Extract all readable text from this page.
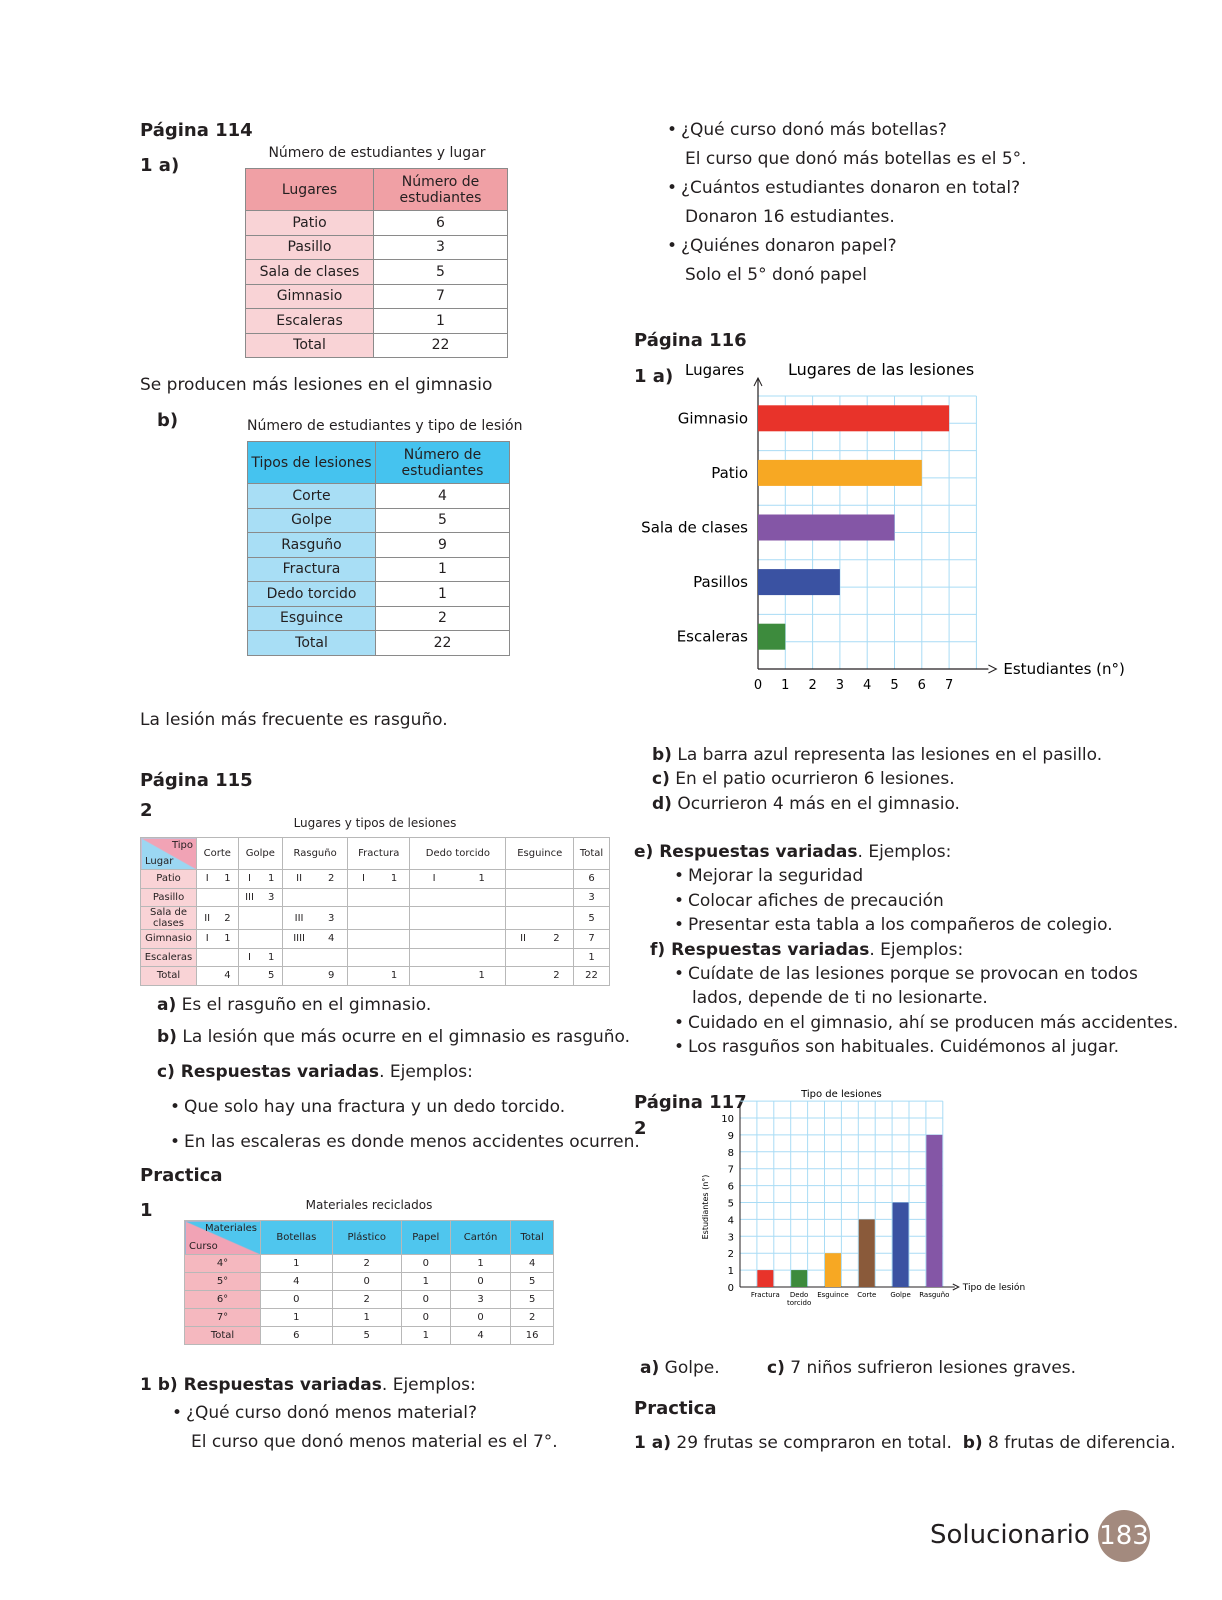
Página 114
1 a)
Número de estudiantes y lugar
Lugares	Número de estudiantes
Patio	6
Pasillo	3
Sala de clases	5
Gimnasio	7
Escaleras	1
Total	22
Se producen más lesiones en el gimnasio
b)	Número de estudiantes y tipo de lesión
Tipos de lesiones	Número de estudiantes
Corte	4
Golpe	5
Rasguño	9
Fractura	1
Dedo torcido	1
Esguince	2
Total	22
La lesión más frecuente es rasguño.
Página 115
2
Lugares y tipos de lesiones
Tipo
Lugar	Corte	Golpe	Rasguño	Fractura	Dedo torcido	Esguince	Total
Patio	I 1	I 1	II 2	I 1	I 1		6
Pasillo		III 3					3
Sala de clases	II 2		III 3				5
Gimnasio	I 1		IIII 4			II 2	7
Escaleras		I 1					1
Total	4	5	9	1	1	2	22
a) Es el rasguño en el gimnasio.
b) La lesión que más ocurre en el gimnasio es rasguño.
c) Respuestas variadas. Ejemplos:
• Que solo hay una fractura y un dedo torcido.
• En las escaleras es donde menos accidentes ocurren.
Practica
1	Materiales reciclados
Materiales
Curso	Botellas	Plástico	Papel	Cartón	Total
4°	1	2	0	1	4
5°	4	0	1	0	5
6°	0	2	0	3	5
7°	1	1	0	0	2
Total	6	5	1	4	16
1 b) Respuestas variadas. Ejemplos:
• ¿Qué curso donó menos material?
El curso que donó menos material es el 7°.
• ¿Qué curso donó más botellas?
El curso que donó más botellas es el 5°.
• ¿Cuántos estudiantes donaron en total?
Donaron 16 estudiantes.
• ¿Quiénes donaron papel?
Solo el 5° donó papel
Página 116
1 a) Lugares	Lugares de las lesiones
Estudiantes (n°)
0 1 2 3 4 5 6 7
Gimnasio
Patio
Sala de clases
Pasillos
Escaleras
b) La barra azul representa las lesiones en el pasillo.
c) En el patio ocurrieron 6 lesiones.
d) Ocurrieron 4 más en el gimnasio.
e) Respuestas variadas. Ejemplos:
• Mejorar la seguridad
• Colocar afiches de precaución
• Presentar esta tabla a los compañeros de colegio.
f) Respuestas variadas. Ejemplos:
• Cuídate de las lesiones porque se provocan en todos
lados, depende de ti no lesionarte.
• Cuidado en el gimnasio, ahí se producen más accidentes.
• Los rasguños son habituales. Cuidémonos al jugar.
Página 117
2
Tipo de lesiones
Tipo de lesión
Estudiantes (n°)
0
1
2
3
4
5
6
7
8
9
10
Fractura Dedo
torcido
Esguince Corte Golpe Rasguño
a) Golpe.	c) 7 niños sufrieron lesiones graves.
Practica
1 a) 29 frutas se compraron en total. b) 8 frutas de diferencia.
Solucionario 183
